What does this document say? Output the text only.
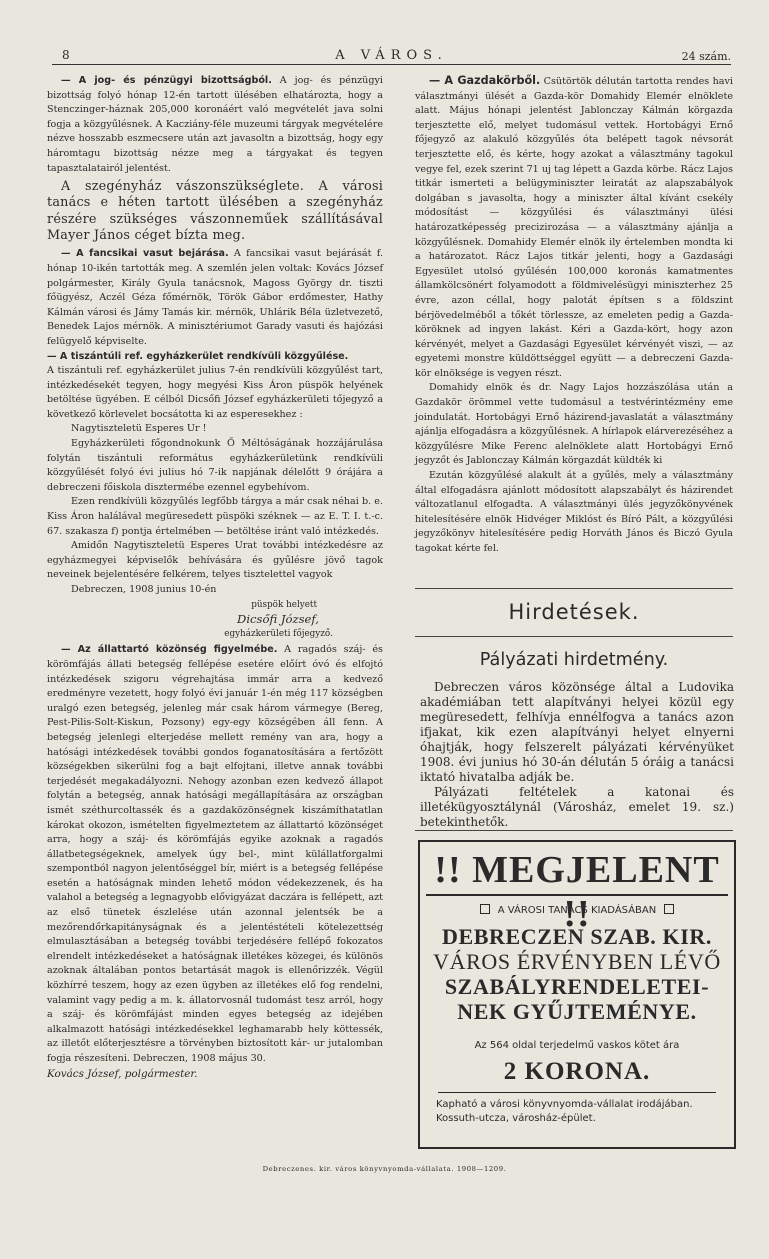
8	A VÁROS.	24 szám.

— A jog- és pénzügyi bizottságból. A jog- és pénzügyi bizottság folyó hónap 12-én tartott ülésében elhatározta, hogy a Stenczinger-háznak 205,000 koronáért való megvételét java solni fogja a közgyűlésnek. A Kacziány-féle muzeumi tárgyak megvételére nézve hosszabb eszmecsere után azt javasoltn a bizottság, hogy egy háromtagu bizottság nézze meg a tárgyakat és tegyen tapasztalatairól jelentést.

A szegényház vászonszükséglete. A városi tanács e héten tartott ülésében a szegényház részére szükséges vászonneműek szállításával Mayer János céget bízta meg.

— A fancsikai vasut bejárása. A fancsikai vasut bejárását f. hónap 10-ikén tartották meg. A szemlén jelen voltak: Kovács József polgármester, Király Gyula tanácsnok, Magoss György dr. tiszti főügyész, Aczél Géza főmérnök, Török Gábor erdőmester, Hathy Kálmán városi és Jámy Tamás kir. mérnök, Uhlárik Béla üzletvezető, Benedek Lajos mérnök. A minisztériumot Garady vasuti és hajózási felügyelő képviselte.

— A tiszántúli ref. egyházkerület rendkívüli közgyűlése.

A tiszántuli ref. egyházkerület julius 7-én rendkívüli közgyűlést tart, intézkedésekét tegyen, hogy megyési Kiss Áron püspök helyének betöltése ügyében. E célból Dicsőfi József egyházkerületi tőjegyző a következő körlevelet bocsátotta ki az esperesekhez :

Nagytiszteletü Esperes Ur !

Egyházkerületi főgondnokunk Ő Méltóságának hozzájárulása folytán tiszántuli református egyházkerületünk rendkívüli közgyűlését folyó évi julius hó 7-ik napjának délelőtt 9 órájára a debreczeni főiskola disztermébe ezennel egybehívom.

Ezen rendkívüli közgyűlés legfőbb tárgya a már csak néhai b. e. Kiss Áron halálával megüresedett püspöki széknek — az E. T. I. t.-c. 67. szakasza f) pontja értelmében — betöltése iránt való intézkedés.

Amidőn Nagytiszteletü Esperes Urat további intézkedésre az egyházmegyei képviselők behívására és gyűlésre jövő tagok neveinek bejelentésére felkérem, telyes tisztelettel vagyok

Debreczen, 1908 junius 10-én

püspök helyett
Dicsőfi József,
egyházkerületi főjegyző.

— Az állattartó közönség figyelmébe. A ragadós száj- és körömfájás állati betegség fellépése esetére előírt óvó és elfojtó intézkedések szigoru végrehajtása immár arra a kedvező eredményre vezetett, hogy folyó évi január 1-én még 117 községben uralgó ezen betegség, jelenleg már csak három vármegye (Bereg, Pest-Pilis-Solt-Kiskun, Pozsony) egy-egy községében áll fenn. A betegség jelenlegi elterjedése mellett remény van ara, hogy a hatósági intézkedések további gondos foganatosítására a fertőzött községekben sikerülni fog a bajt elfojtani, illetve annak további terjedését megakadályozni. Nehogy azonban ezen kedvező állapot folytán a betegség, annak hatósági megállapítására az országban ismét széthurcoltassék és a gazdaközönségnek kiszámíthatatlan károkat okozon, ismételten figyelmeztetem az állattartó közönséget arra, hogy a száj- és körömfájás egyike azoknak a ragadós állatbetegségeknek, amelyek úgy bel-, mint külállatforgalmi szempontból nagyon jelentőséggel bír, miért is a betegség fellépése esetén a hatóságnak minden lehető módon védekezzenek, és ha valahol a betegség a legnagyobb elővigyázat daczára is fellépett, azt az első tünetek észlelése után azonnal jelentsék be a mezőrendőrkapitányságnak és a jelentéstételi kötelezettség elmulasztásában a betegség további terjedésére fellépő fokozatos elrendelt intézkedéseket a hatóságnak illetékes közegei, és különös azoknak általában pontos betartását magok is ellenőrizzék. Végül közhírré teszem, hogy az ezen ügyben az illetékes elő fog rendelni, valamint vagy pedig a m. k. állatorvosnál tudomást tesz arról, hogy a száj- és körömfájást minden egyes betegség az idejében alkalmazott hatósági intézkedésekkel leghamarabb hely köttessék, az illetőt előterjesztésre a törvényben biztosított kár- ur jutalomban fogja részesíteni. Debreczen, 1908 május 30.

Kovács József, polgármester.

— A Gazdakörből. Csütörtök délután tartotta rendes havi választmányi ülését a Gazda-kör Domahidy Elemér elnöklete alatt. Május hónapi jelentést Jablonczay Kálmán körgazda terjesztette elő, melyet tudomásul vettek. Hortobágyi Ernő főjegyző az alakuló közgyűlés óta belépett tagok névsorát terjesztette elő, és kérte, hogy azokat a választmány tagokul vegye fel, ezek szerint 71 uj tag lépett a Gazda körbe. Rácz Lajos titkár ismerteti a belügyminiszter leiratát az alapszabályok dolgában s javasolta, hogy a miniszter által kívánt csekély módosítást — közgyűlési és választmányi ülési határozatképesség precizirozása — a választmány ajánlja a közgyűlésnek. Domahidy Elemér elnök ily értelemben mondta ki a határozatot. Rácz Lajos titkár jelenti, hogy a Gazdasági Egyesület utolsó gyűlésén 100,000 koronás kamatmentes államkölcsönért folyamodott a földmivelésügyi miniszterhez 25 évre, azon céllal, hogy palotát építsen s a földszint bérjövedelméből a tőkét törlessze, az emeleten pedig a Gazda-köröknek ad ingyen lakást. Kéri a Gazda-kört, hogy azon kérvényét, melyet a Gazdasági Egyesület kérvényét viszi, — az egyetemi monstre küldöttséggel együtt — a debreczeni Gazda-kör elnöksége is vegyen részt.

Domahidy elnök és dr. Nagy Lajos hozzászólása után a Gazdakör örömmel vette tudomásul a testvérintézmény eme joindulatát. Hortobágyi Ernő házirend-javaslatát a választmány ajánlja elfogadásra a közgyűlésnek. A hírlapok elárverezéséhez a közgyűlésre Mike Ferenc alelnöklete alatt Hortobágyi Ernő jegyzőt és Jablonczay Kálmán körgazdát küldték ki

Ezután közgyűlésé alakult át a gyűlés, mely a választmány által elfogadásra ajánlott módosított alapszabályt és házirendet változatlanul elfogadta. A választmányi ülés jegyzőkönyvének hitelesítésére elnök Hidvéger Miklóst és Bíró Pált, a közgyűlési jegyzőkönyv hitelesítésére pedig Horváth János és Biczó Gyula tagokat kérte fel.

Hirdetések.
Pályázati hirdetmény.

Debreczen város közönsége által a Ludovika akadémiában tett alapítványi helyei közül egy megüresedett, felhívja ennélfogva a tanács azon ifjakat, kik ezen alapítványi helyet elnyerni óhajtják, hogy felszerelt pályázati kérvényüket 1908. évi junius hó 30-án délután 5 óráig a tanácsi iktató hivatalba adják be.

Pályázati feltételek a katonai és illetékügyosztálynál (Városház, emelet 19. sz.) betekinthetők.

!! MEGJELENT !!
A VÁROSI TANÁCS KIADÁSÁBAN
DEBRECZEN SZAB. KIR.
VÁROS ÉRVÉNYBEN LÉVŐ
SZABÁLYRENDELETEI-
NEK GYŰJTEMÉNYE.
Az 564 oldal terjedelmű vaskos kötet ára
2 KORONA.
Kapható a városi könyvnyomda-vállalat irodájában. Kossuth-utcza, városház-épület.
Debreczenes. kir. város könyvnyomda-vállalata. 1908—1209.
